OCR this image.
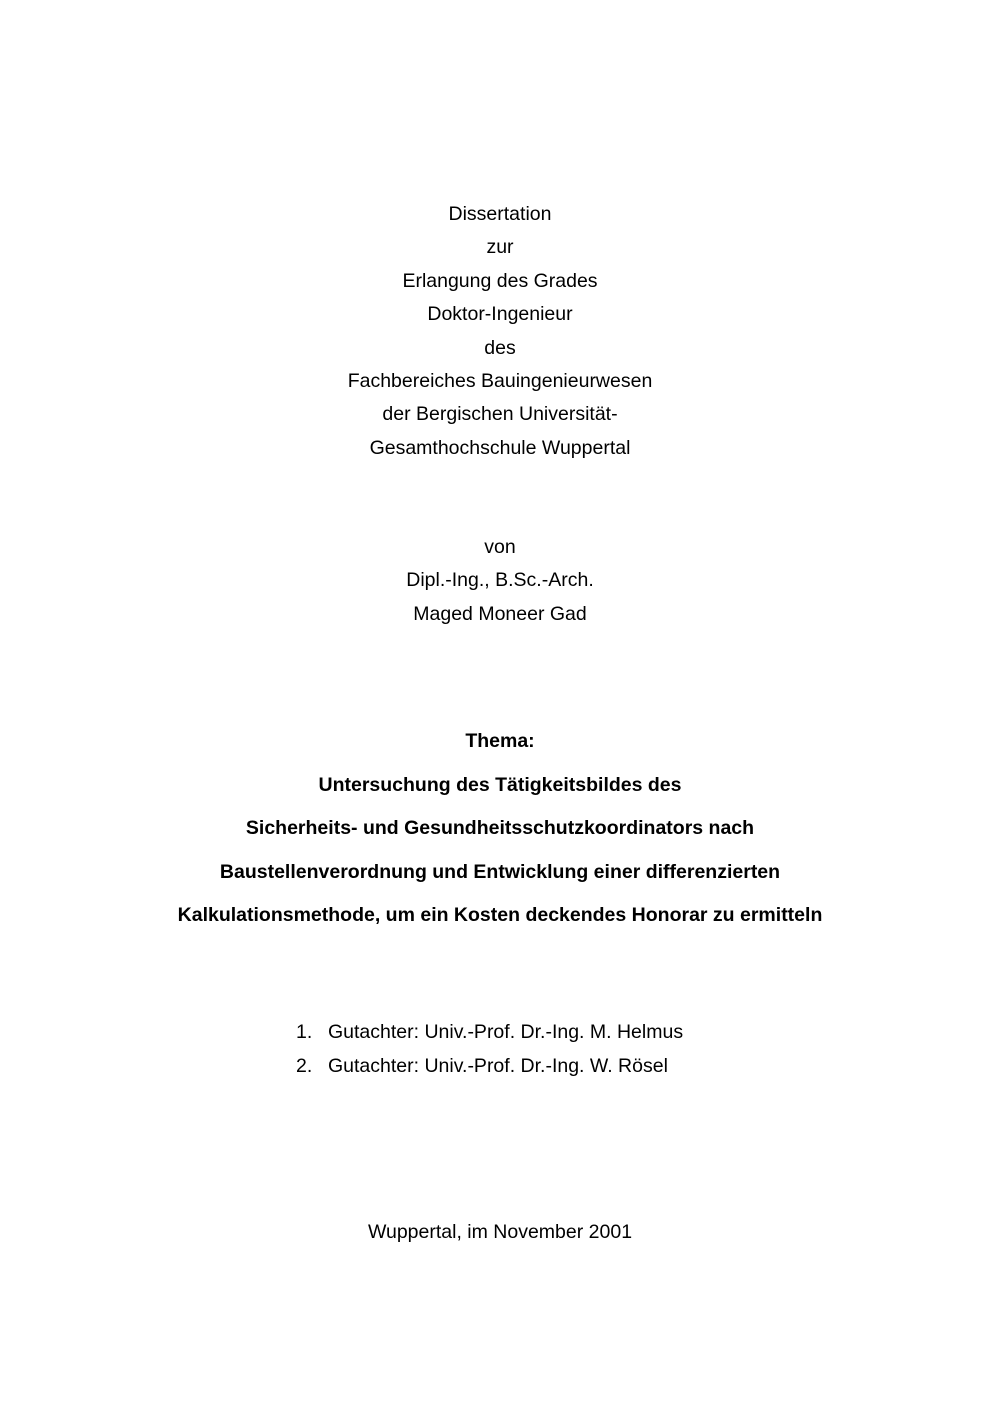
Dissertation
zur
Erlangung des Grades
Doktor-Ingenieur
des
Fachbereiches Bauingenieurwesen
der Bergischen Universität-
Gesamthochschule Wuppertal
von
Dipl.-Ing., B.Sc.-Arch.
Maged Moneer Gad
Thema:
Untersuchung des Tätigkeitsbildes des
Sicherheits- und Gesundheitsschutzkoordinators nach
Baustellenverordnung und Entwicklung einer differenzierten
Kalkulationsmethode, um ein Kosten deckendes Honorar zu ermitteln
1. Gutachter: Univ.-Prof. Dr.-Ing. M. Helmus
2. Gutachter: Univ.-Prof. Dr.-Ing. W. Rösel
Wuppertal, im November 2001
